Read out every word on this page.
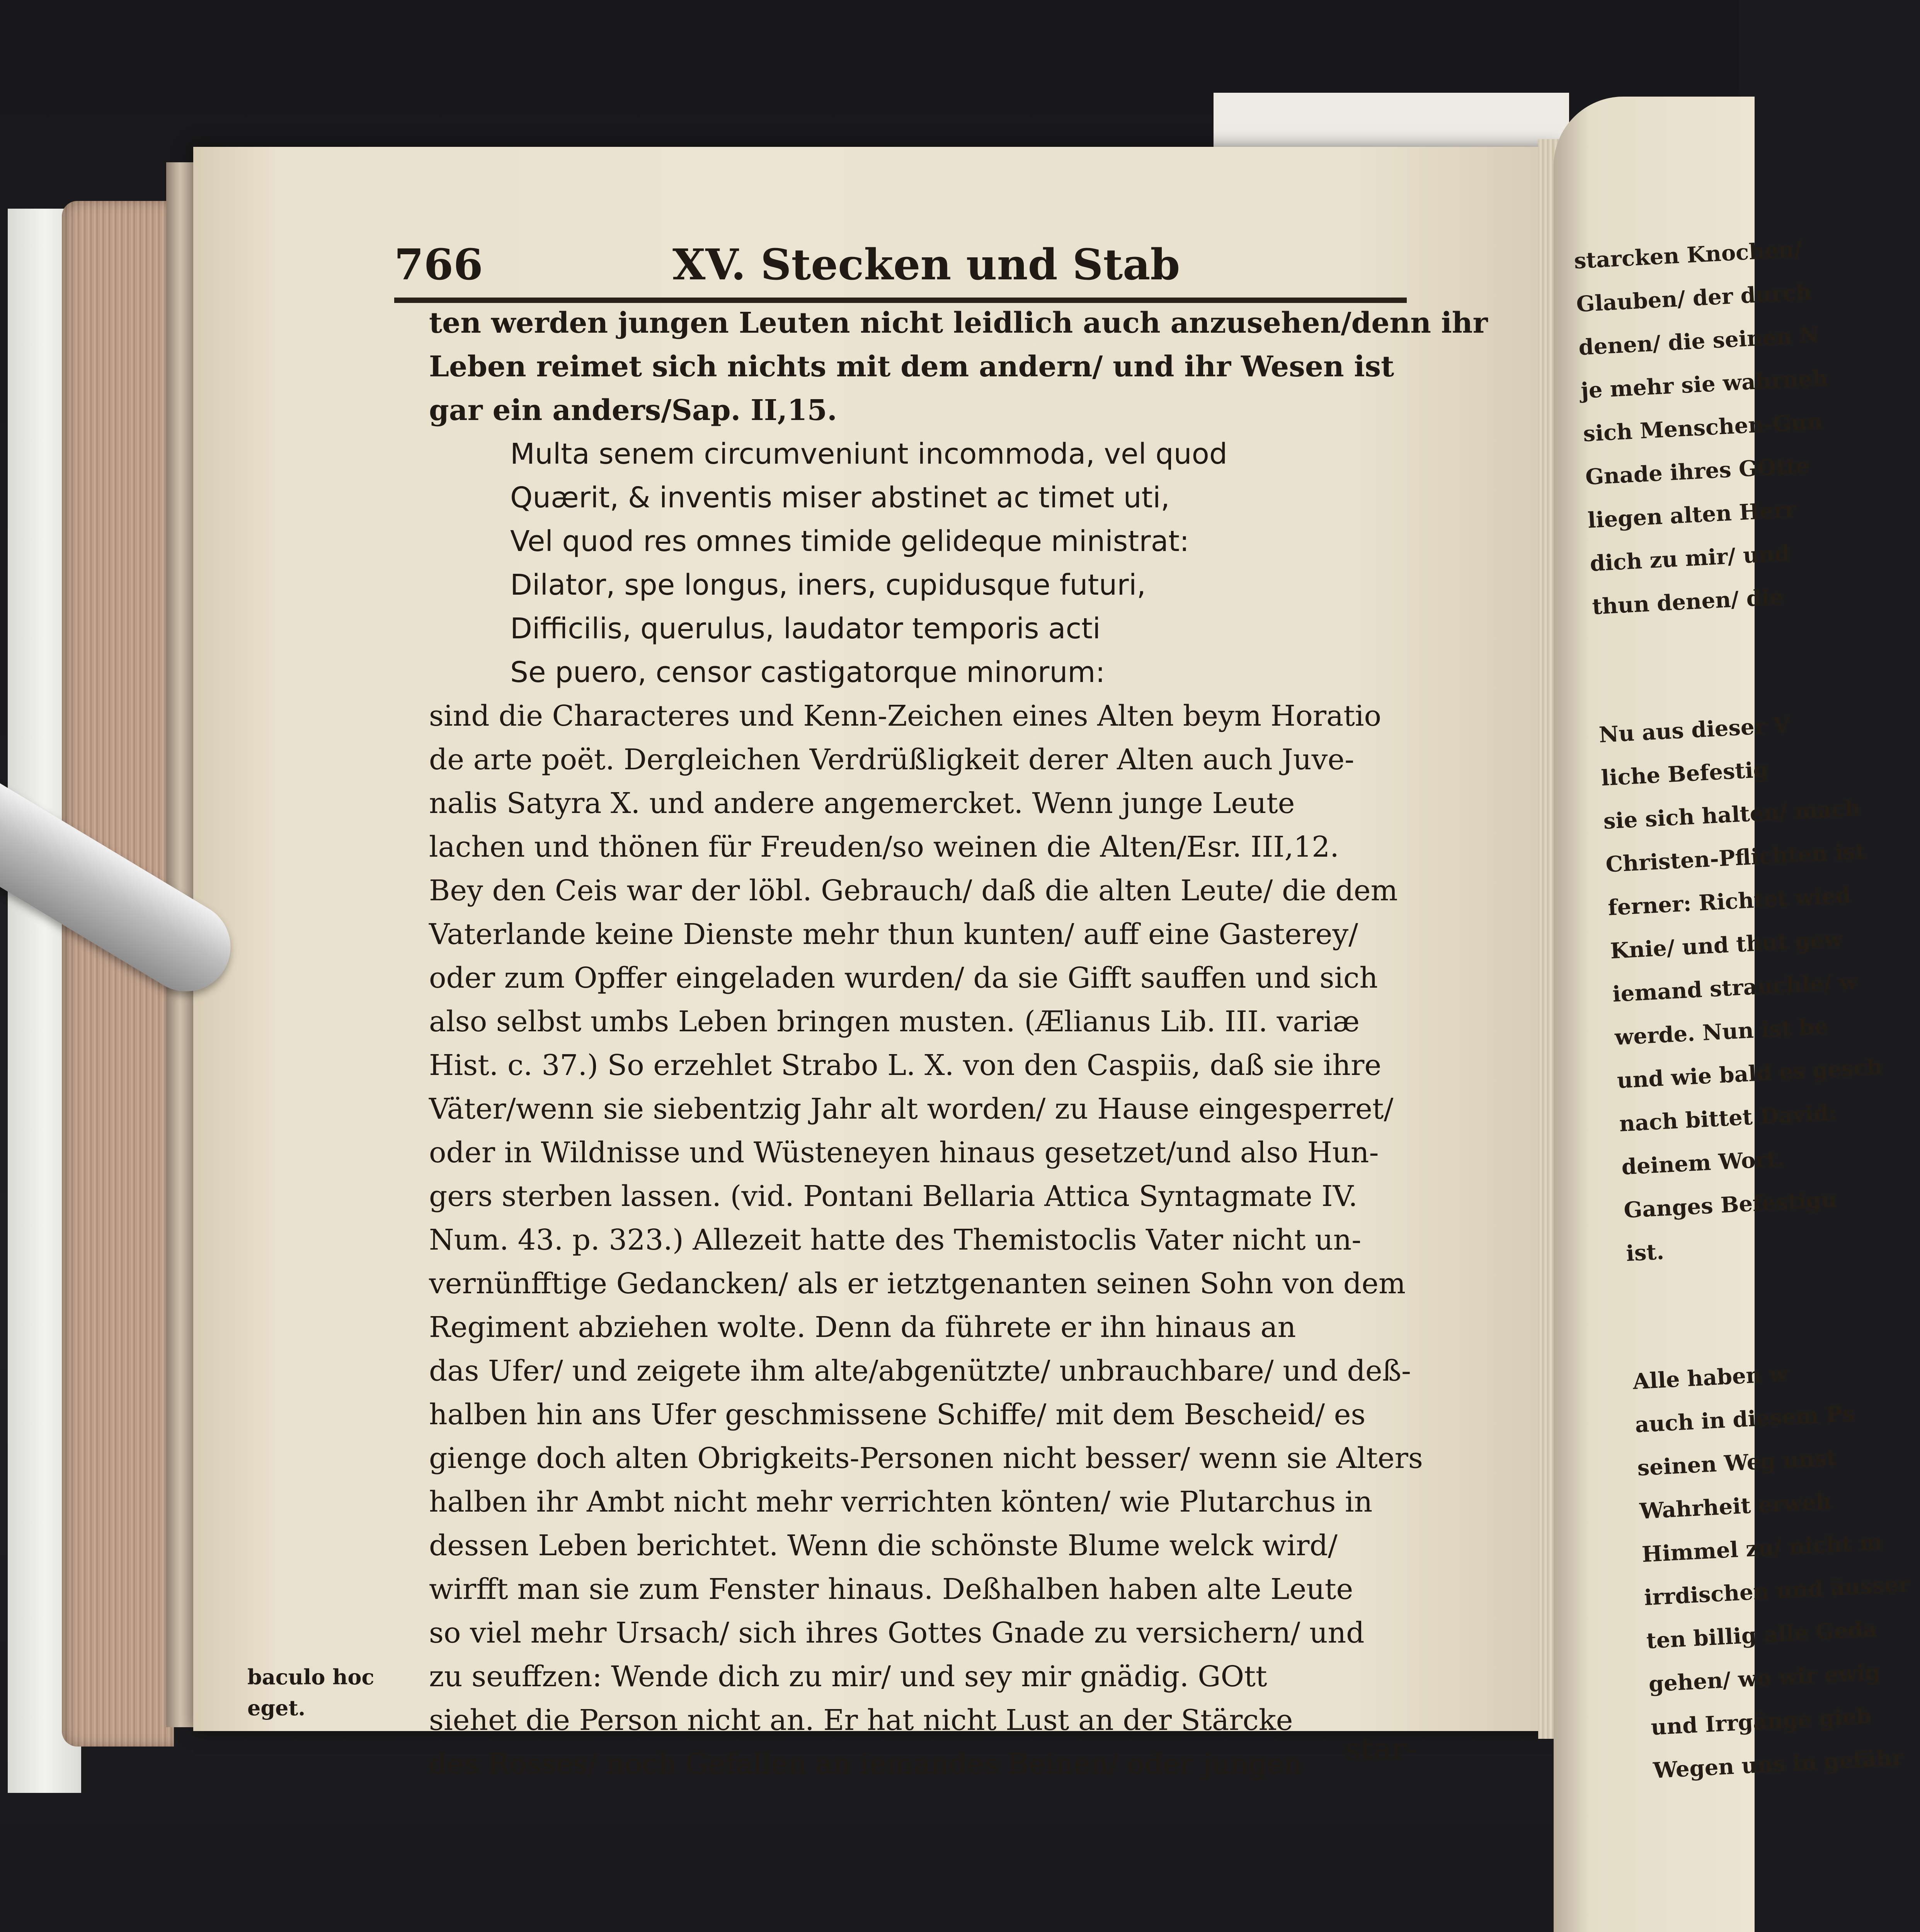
766	XV. Stecken und Stab
ten werden jungen Leuten nicht leidlich auch anzusehen/denn ihr
Leben reimet sich nichts mit dem andern/ und ihr Wesen ist
gar ein anders/Sap. II,15.
Multa senem circumveniunt incommoda, vel quod
Quærit, & inventis miser abstinet ac timet uti,
Vel quod res omnes timide gelideque ministrat:
Dilator, spe longus, iners, cupidusque futuri,
Difficilis, querulus, laudator temporis acti
Se puero, censor castigatorque minorum:
sind die Characteres und Kenn-Zeichen eines Alten beym Horatio
de arte poët. Dergleichen Verdrüßligkeit derer Alten auch Juve-
nalis Satyra X. und andere angemercket. Wenn junge Leute
lachen und thönen für Freuden/so weinen die Alten/Esr. III,12.
Bey den Ceis war der löbl. Gebrauch/ daß die alten Leute/ die dem
Vaterlande keine Dienste mehr thun kunten/ auff eine Gasterey/
oder zum Opffer eingeladen wurden/ da sie Gifft sauffen und sich
also selbst umbs Leben bringen musten. (Ælianus Lib. III. variæ
Hist. c. 37.) So erzehlet Strabo L. X. von den Caspiis, daß sie ihre
Väter/wenn sie siebentzig Jahr alt worden/ zu Hause eingesperret/
oder in Wildnisse und Wüsteneyen hinaus gesetzet/und also Hun-
gers sterben lassen. (vid. Pontani Bellaria Attica Syntagmate IV.
Num. 43. p. 323.) Allezeit hatte des Themistoclis Vater nicht un-
vernünfftige Gedancken/ als er ietztgenanten seinen Sohn von dem
Regiment abziehen wolte. Denn da führete er ihn hinaus an
das Ufer/ und zeigete ihm alte/abgenützte/ unbrauchbare/ und deß-
halben hin ans Ufer geschmissene Schiffe/ mit dem Bescheid/ es
gienge doch alten Obrigkeits-Personen nicht besser/ wenn sie Alters
halben ihr Ambt nicht mehr verrichten könten/ wie Plutarchus in
dessen Leben berichtet. Wenn die schönste Blume welck wird/
wirfft man sie zum Fenster hinaus. Deßhalben haben alte Leute
so viel mehr Ursach/ sich ihres Gottes Gnade zu versichern/ und
zu seuffzen: Wende dich zu mir/ und sey mir gnädig. GOtt
siehet die Person nicht an. Er hat nicht Lust an der Stärcke
des Rosses/ noch Gefallen an iemandes Beinen/ oder jungen
baculo hoc
eget.
star-
starcken Knochen/
Glauben/ der durch
denen/ die seinen N
je mehr sie wahrneh
sich Menschen-Gun
Gnade ihres GOtte
liegen alten Herr
dich zu mir/ und
thun denen/ die
Nu aus dieser V
liche Befestig
sie sich halten/ mach
Christen-Pflichten ist
ferner: Richtet wied
Knie/ und thut gew
iemand strauchle/ w
werde. Nun ist be
und wie bald es gesch
nach bittet David:
deinem Wort.
Ganges Befestigu
ist.
Alle haben w
auch in diesem Ps
seinen Weg unst
Wahrheit erweh
Himmel zu/ nicht m
irrdischen und äusser
ten billig alle Geda
gehen/ wo wir ewig
und Irrgänge gieb
Wegen uns in gefähr
